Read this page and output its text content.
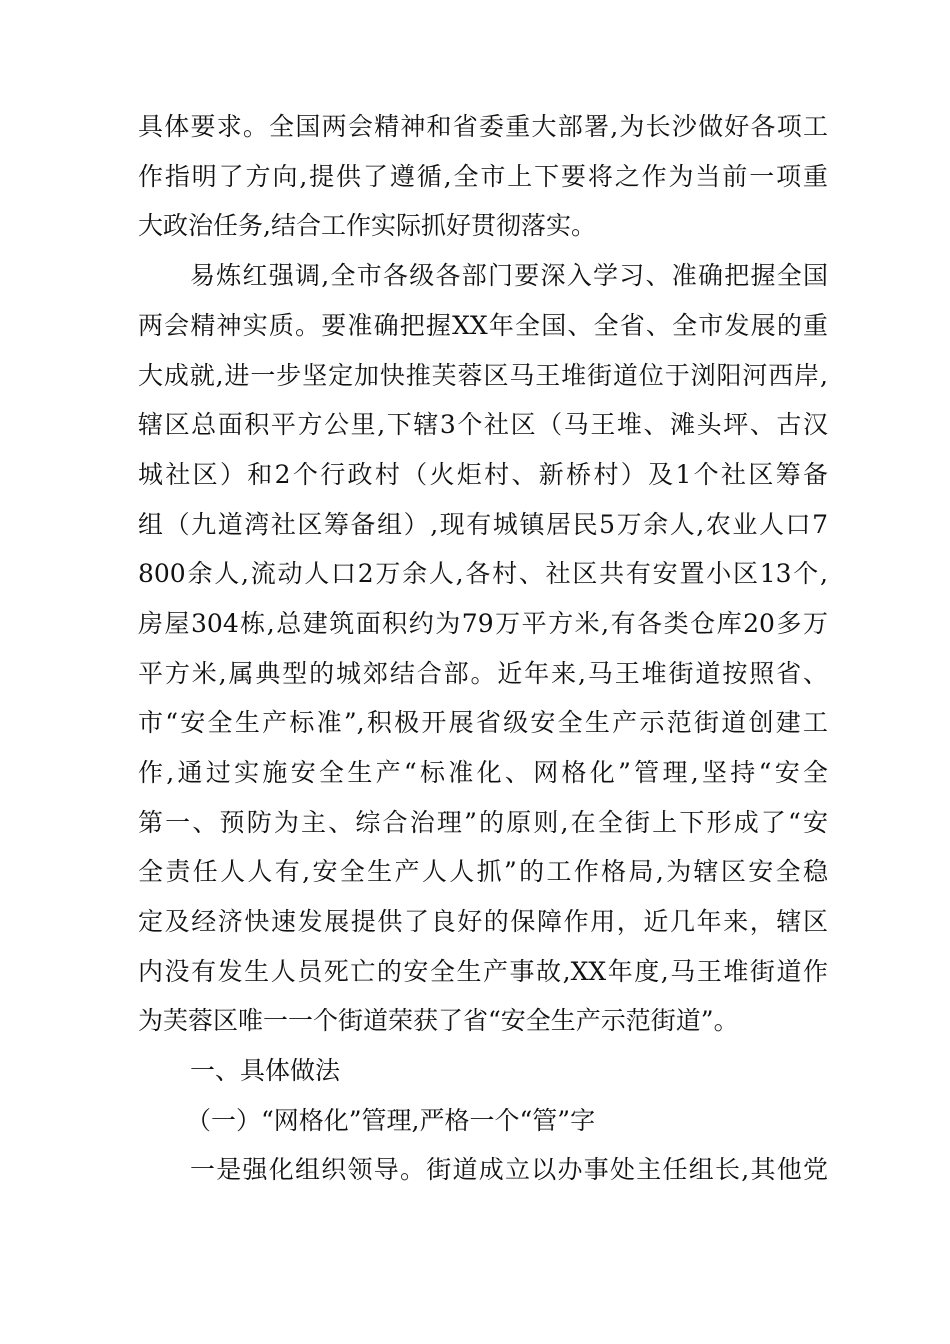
具体要求。全国两会精神和省委重大部署,为长沙做好各项工
作指明了方向,提供了遵循,全市上下要将之作为当前一项重
大政治任务,结合工作实际抓好贯彻落实。
易炼红强调,全市各级各部门要深入学习、准确把握全国
两会精神实质。要准确把握XX年全国、全省、全市发展的重
大成就,进一步坚定加快推芙蓉区马王堆街道位于浏阳河西岸,
辖区总面积平方公里,下辖3个社区（马王堆、滩头坪、古汉
城社区）和2个行政村（火炬村、新桥村）及1个社区筹备
组（九道湾社区筹备组）,现有城镇居民5万余人,农业人口7
800余人,流动人口2万余人,各村、社区共有安置小区13个,
房屋304栋,总建筑面积约为79万平方米,有各类仓库20多万
平方米,属典型的城郊结合部。近年来,马王堆街道按照省、
市“安全生产标准”,积极开展省级安全生产示范街道创建工
作,通过实施安全生产“标准化、网格化”管理,坚持“安全
第一、预防为主、综合治理”的原则,在全街上下形成了“安
全责任人人有,安全生产人人抓”的工作格局,为辖区安全稳
定及经济快速发展提供了良好的保障作用，近几年来，辖区
内没有发生人员死亡的安全生产事故,XX年度,马王堆街道作
为芙蓉区唯一一个街道荣获了省“安全生产示范街道”。
一、具体做法
（一）“网格化”管理,严格一个“管”字
一是强化组织领导。街道成立以办事处主任组长,其他党
